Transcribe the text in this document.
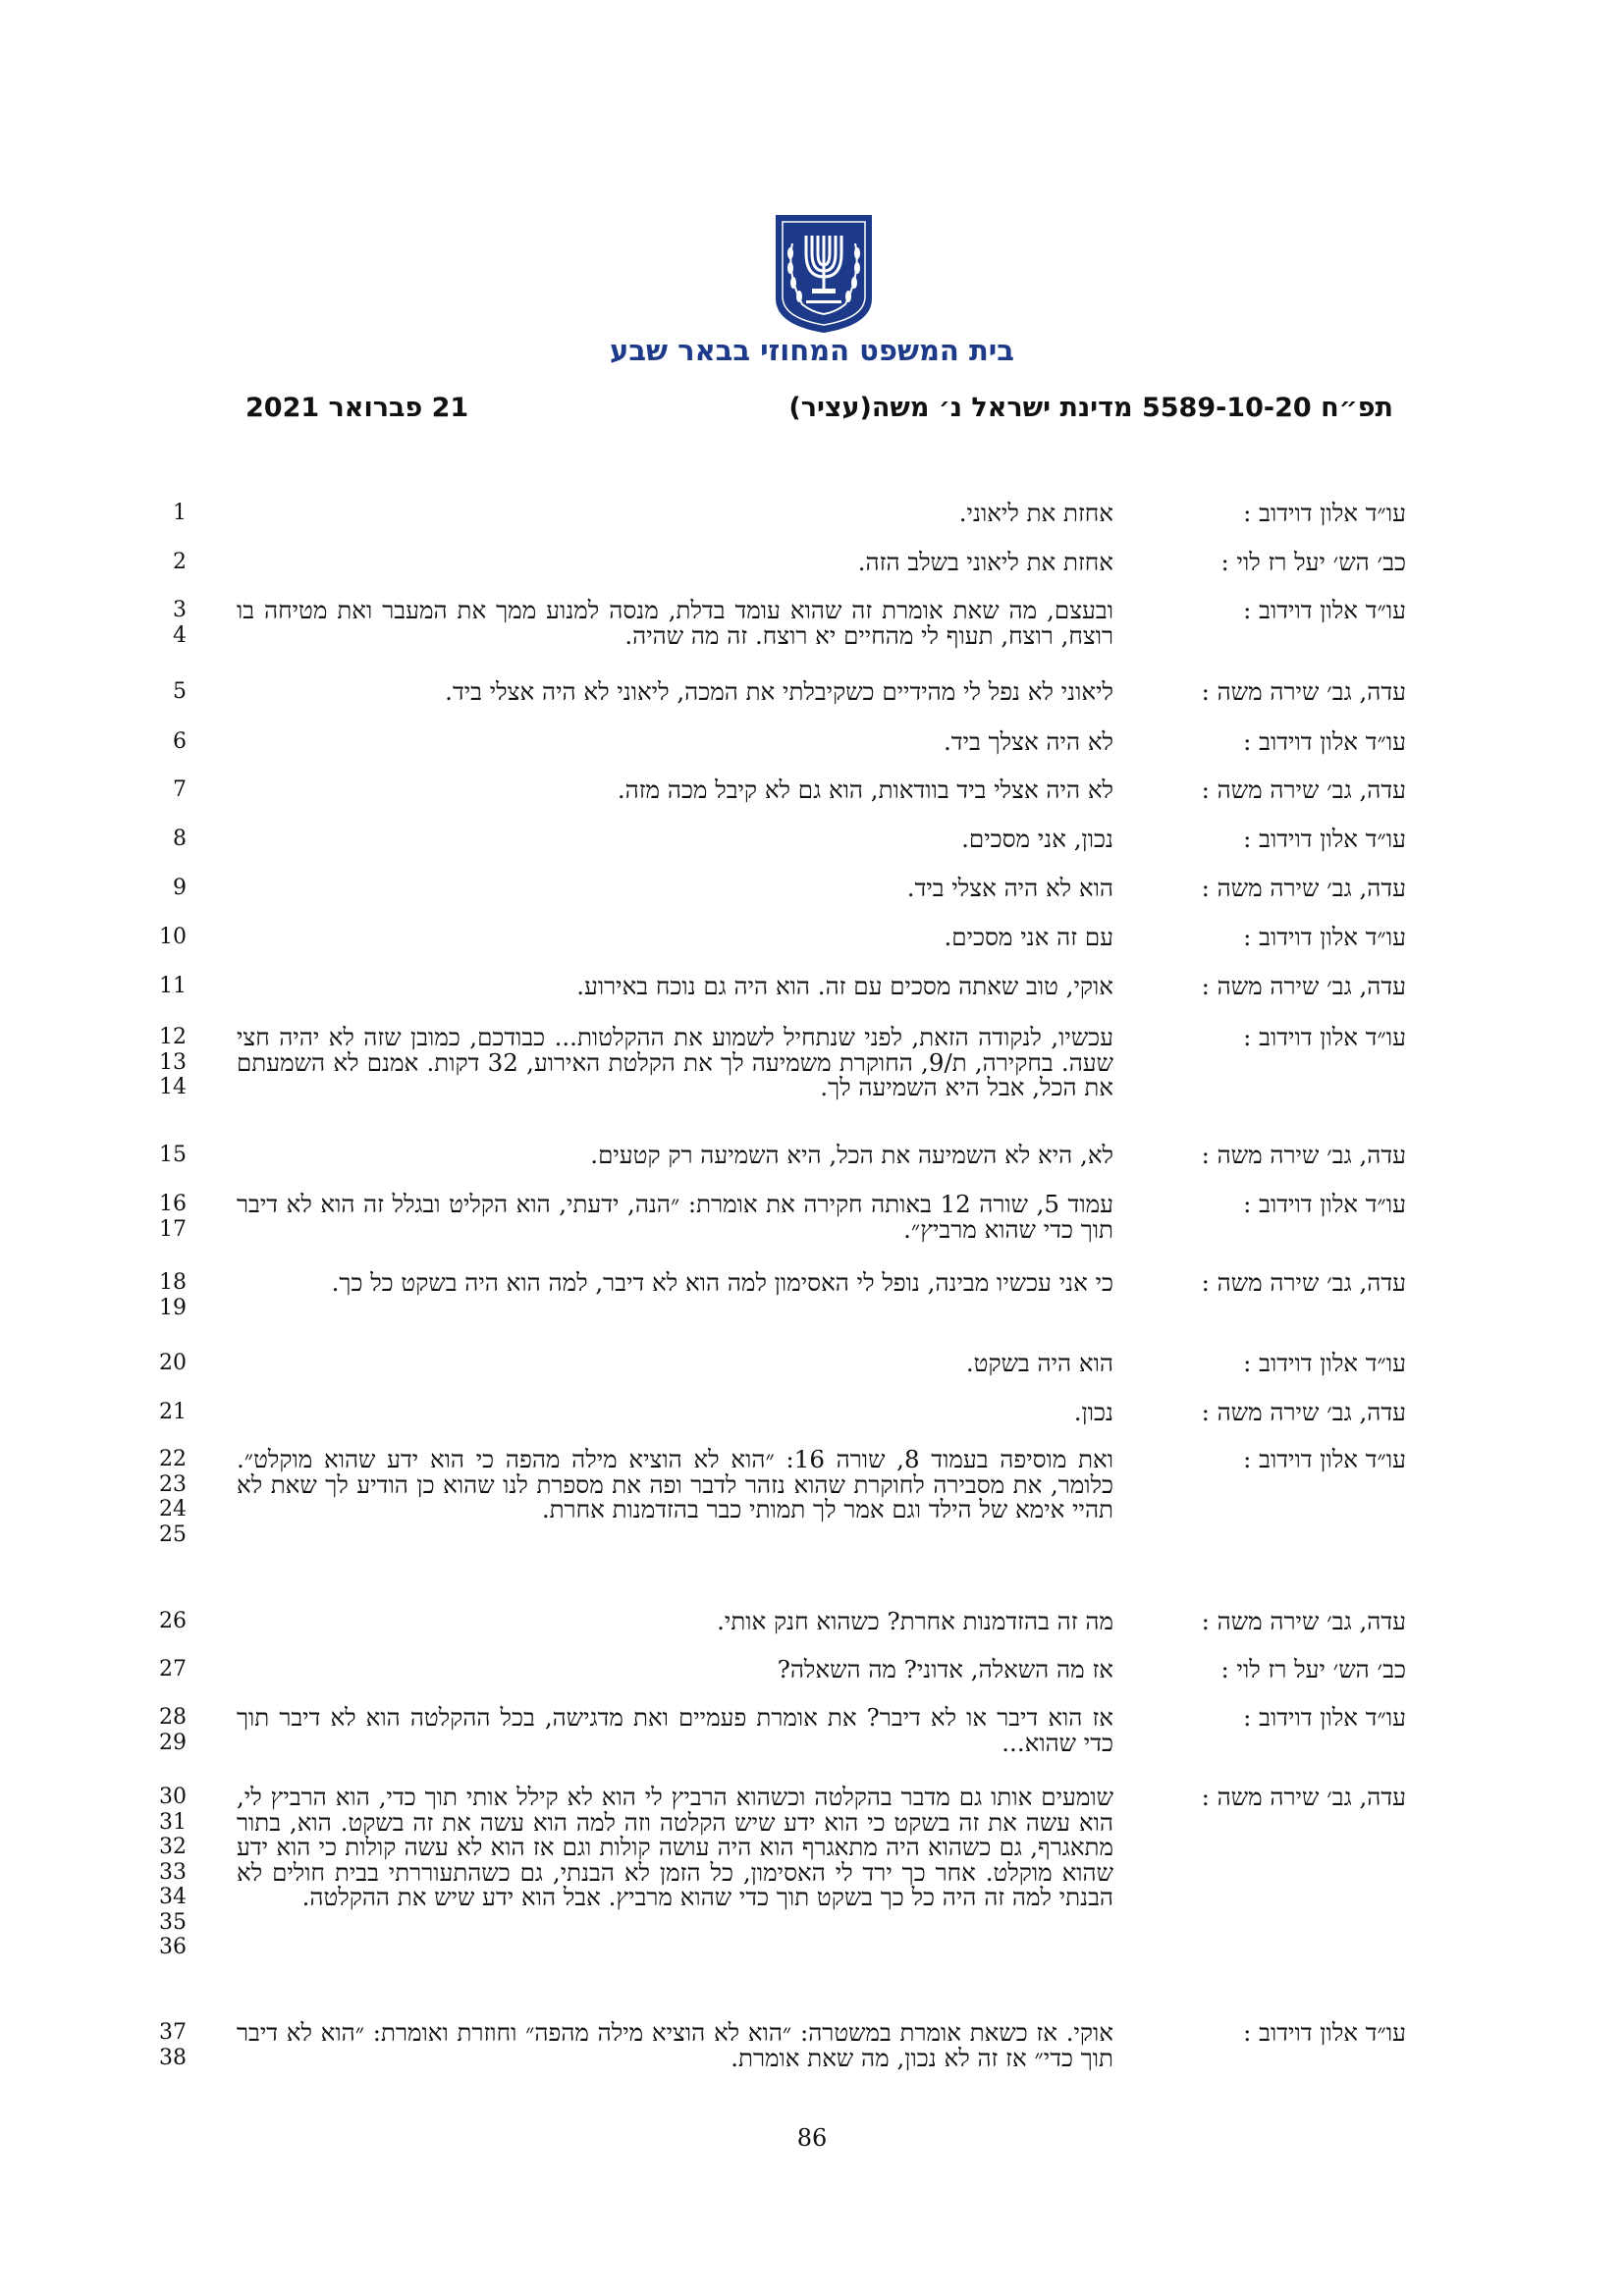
בית המשפט המחוזי בבאר שבע
תפ״ח 5589-10-20 מדינת ישראל נ׳ משה(עציר)
21 פברואר 2021
עו״ד אלון דוידוב :
אחזת את ליאוני.
1
כב׳ הש׳ יעל רז לוי :
אחזת את ליאוני בשלב הזה.
2
עו״ד אלון דוידוב :
ובעצם, מה שאת אומרת זה שהוא עומד בדלת, מנסה למנוע ממך את המעבר ואת מטיחה בו רוצח, רוצח, תעוף לי מהחיים יא רוצח. זה מה שהיה.
3
4
עדה, גב׳ שירה משה :
ליאוני לא נפל לי מהידיים כשקיבלתי את המכה, ליאוני לא היה אצלי ביד.
5
עו״ד אלון דוידוב :
לא היה אצלך ביד.
6
עדה, גב׳ שירה משה :
לא היה אצלי ביד בוודאות, הוא גם לא קיבל מכה מזה.
7
עו״ד אלון דוידוב :
נכון, אני מסכים.
8
עדה, גב׳ שירה משה :
הוא לא היה אצלי ביד.
9
עו״ד אלון דוידוב :
עם זה אני מסכים.
10
עדה, גב׳ שירה משה :
אוקי, טוב שאתה מסכים עם זה. הוא היה גם נוכח באירוע.
11
עו״ד אלון דוידוב :
עכשיו, לנקודה הזאת, לפני שנתחיל לשמוע את ההקלטות... כבודכם, כמובן שזה לא יהיה חצי שעה. בחקירה, ת/9, החוקרת משמיעה לך את הקלטת האירוע, 32 דקות. אמנם לא השמעתם את הכל, אבל היא השמיעה לך.
12
13
14
עדה, גב׳ שירה משה :
לא, היא לא השמיעה את הכל, היא השמיעה רק קטעים.
15
עו״ד אלון דוידוב :
עמוד 5, שורה 12 באותה חקירה את אומרת: ״הנה, ידעתי, הוא הקליט ובגלל זה הוא לא דיבר תוך כדי שהוא מרביץ״.
16
17
עדה, גב׳ שירה משה :
כי אני עכשיו מבינה, נופל לי האסימון למה הוא לא דיבר, למה הוא היה בשקט כל כך.
18
19
עו״ד אלון דוידוב :
הוא היה בשקט.
20
עדה, גב׳ שירה משה :
נכון.
21
עו״ד אלון דוידוב :
ואת מוסיפה בעמוד 8, שורה 16: ״הוא לא הוציא מילה מהפה כי הוא ידע שהוא מוקלט״. כלומר, את מסבירה לחוקרת שהוא נזהר לדבר ופה את מספרת לנו שהוא כן הודיע לך שאת לא תהיי אימא של הילד וגם אמר לך תמותי כבר בהזדמנות אחרת.
22
23
24
25
עדה, גב׳ שירה משה :
מה זה בהזדמנות אחרת? כשהוא חנק אותי.
26
כב׳ הש׳ יעל רז לוי :
אז מה השאלה, אדוני? מה השאלה?
27
עו״ד אלון דוידוב :
אז הוא דיבר או לא דיבר? את אומרת פעמיים ואת מדגישה, בכל ההקלטה הוא לא דיבר תוך כדי שהוא...
28
29
עדה, גב׳ שירה משה :
שומעים אותו גם מדבר בהקלטה וכשהוא הרביץ לי הוא לא קילל אותי תוך כדי, הוא הרביץ לי, הוא עשה את זה בשקט כי הוא ידע שיש הקלטה וזה למה הוא עשה את זה בשקט. הוא, בתור מתאגרף, גם כשהוא היה מתאגרף הוא היה עושה קולות וגם אז הוא לא עשה קולות כי הוא ידע שהוא מוקלט. אחר כך ירד לי האסימון, כל הזמן לא הבנתי, גם כשהתעוררתי בבית חולים לא הבנתי למה זה היה כל כך בשקט תוך כדי שהוא מרביץ. אבל הוא ידע שיש את ההקלטה.
30
31
32
33
34
35
36
עו״ד אלון דוידוב :
אוקי. אז כשאת אומרת במשטרה: ״הוא לא הוציא מילה מהפה״ וחוזרת ואומרת: ״הוא לא דיבר תוך כדי״ אז זה לא נכון, מה שאת אומרת.
37
38
86
